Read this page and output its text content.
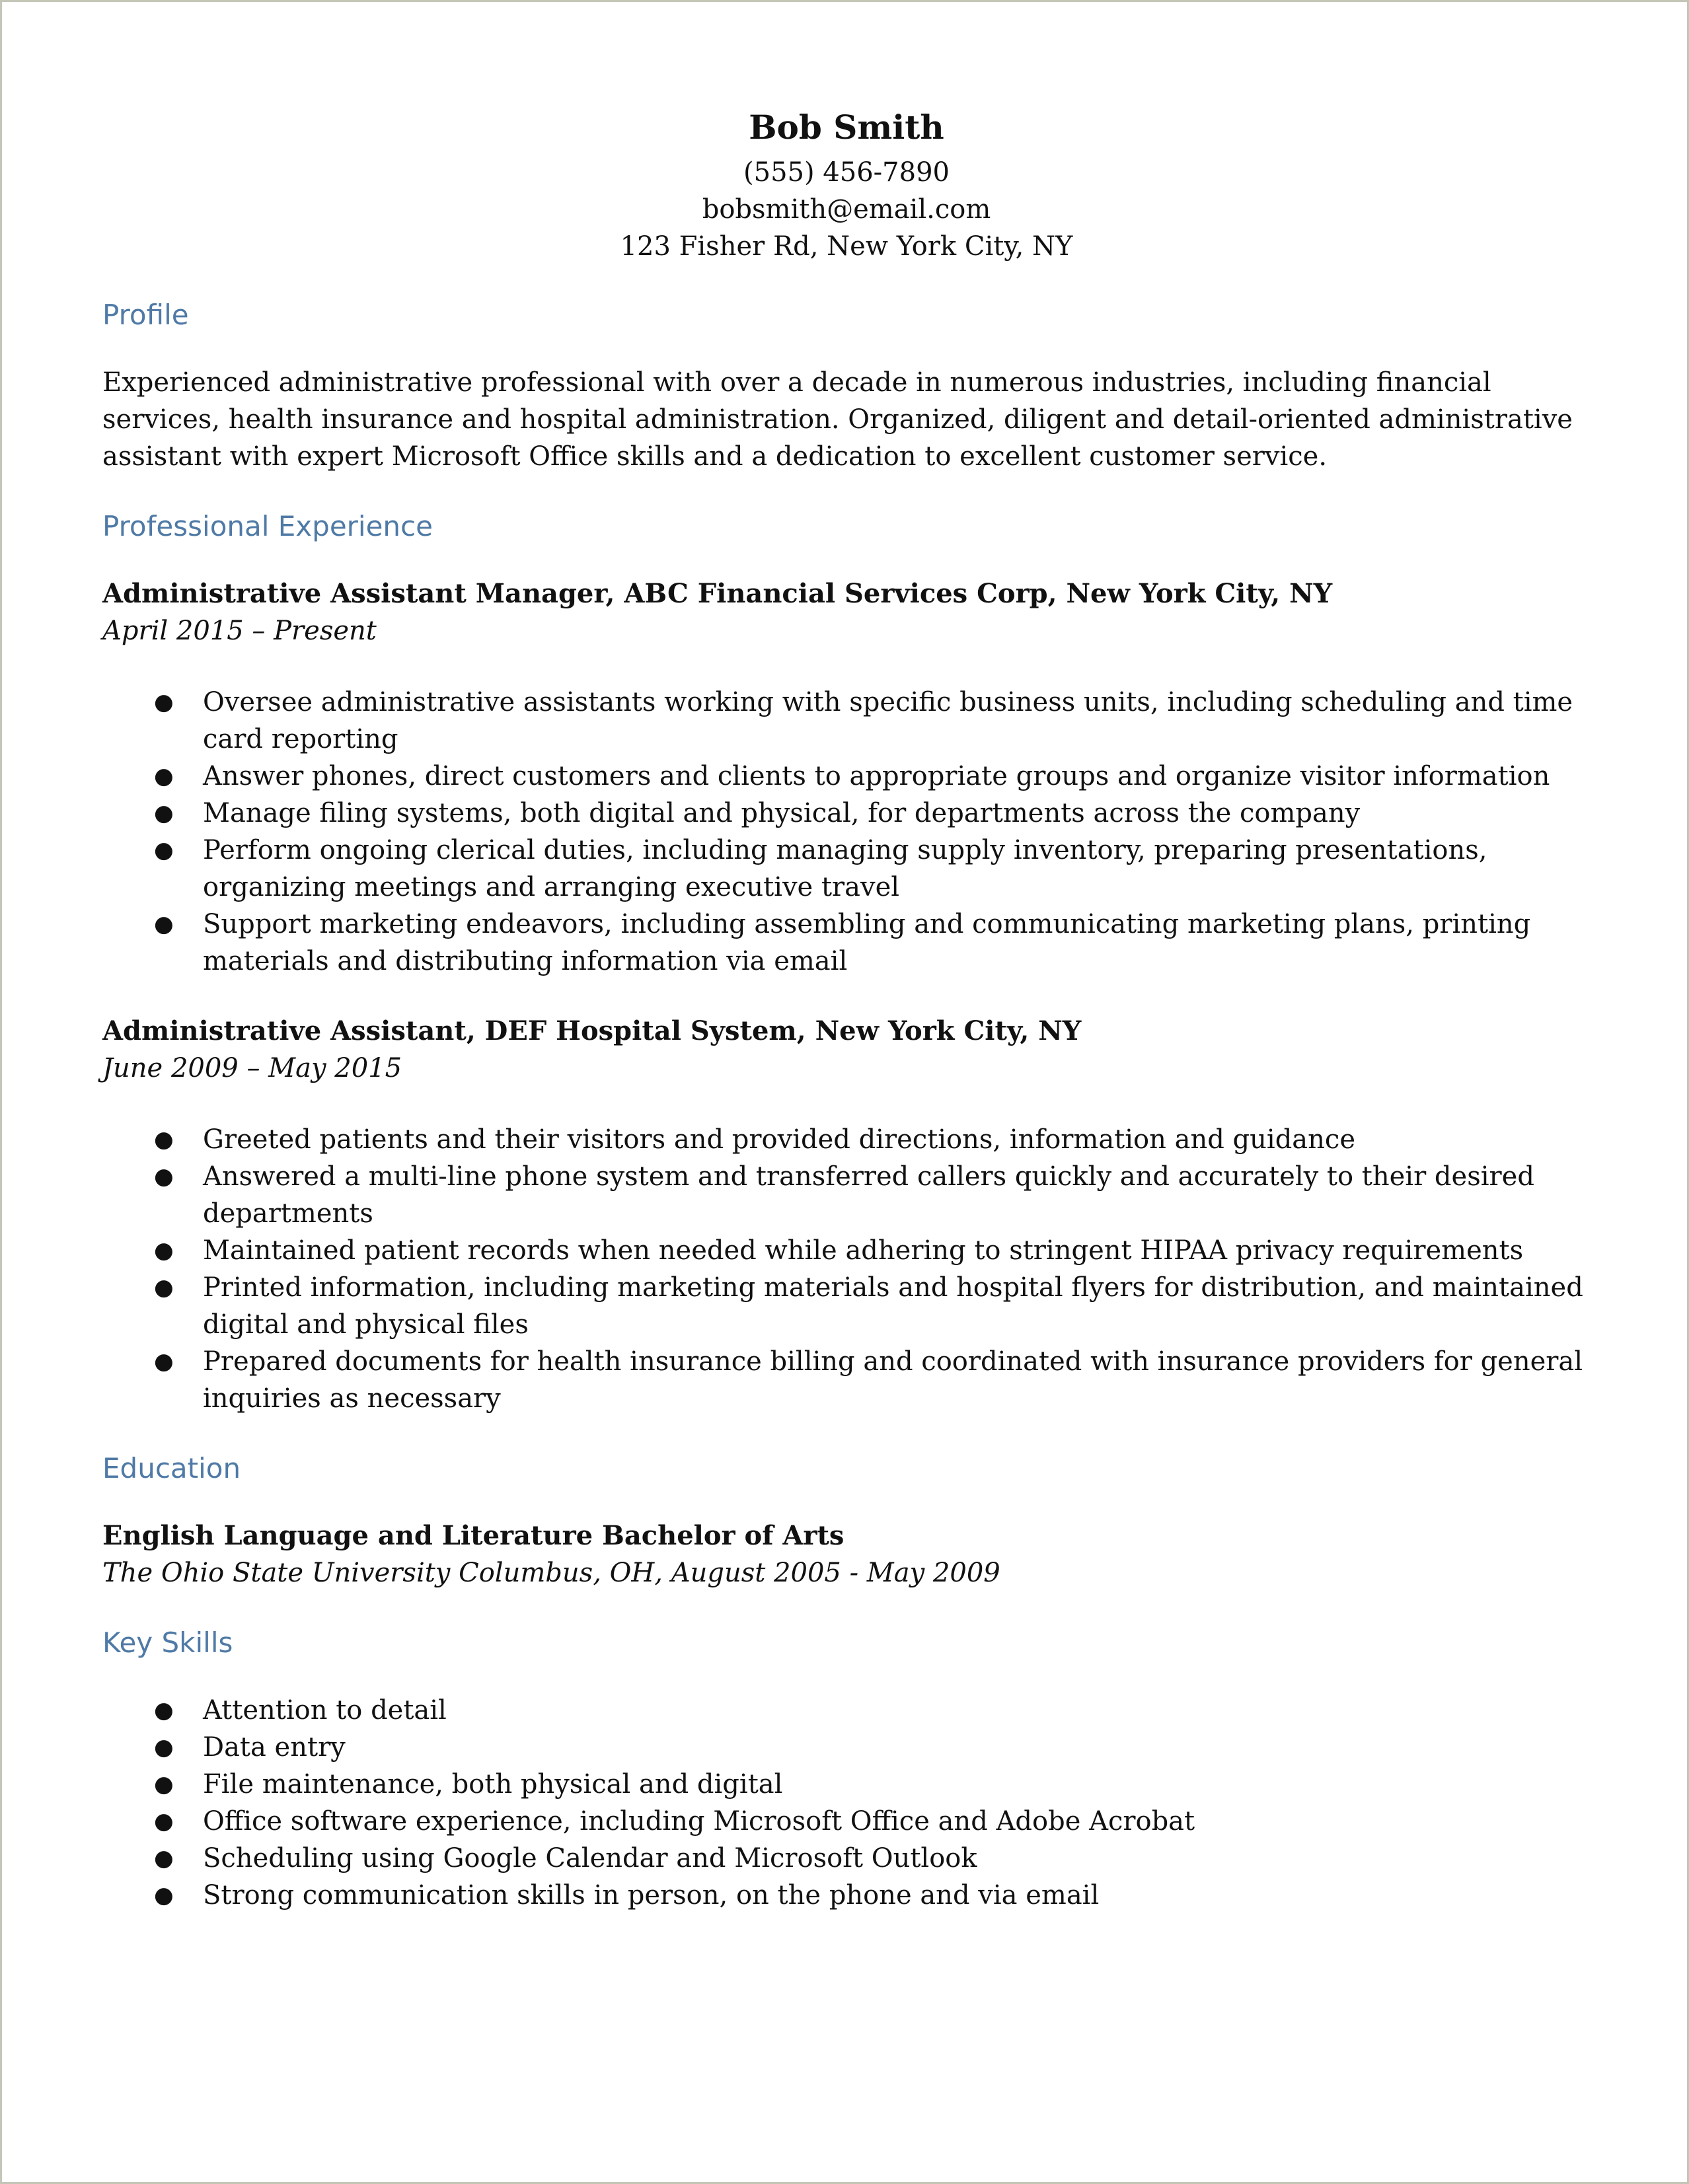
Bob Smith
(555) 456-7890
bobsmith@email.com
123 Fisher Rd, New York City, NY
Profile

Experienced administrative professional with over a decade in numerous industries, including financial services, health insurance and hospital administration. Organized, diligent and detail-oriented administrative assistant with expert Microsoft Office skills and a dedication to excellent customer service.

Professional Experience
Administrative Assistant Manager, ABC Financial Services Corp, New York City, NY
April 2015 – Present
● Oversee administrative assistants working with specific business units, including scheduling and time card reporting
● Answer phones, direct customers and clients to appropriate groups and organize visitor information
● Manage filing systems, both digital and physical, for departments across the company
● Perform ongoing clerical duties, including managing supply inventory, preparing presentations, organizing meetings and arranging executive travel
● Support marketing endeavors, including assembling and communicating marketing plans, printing materials and distributing information via email
Administrative Assistant, DEF Hospital System, New York City, NY
June 2009 – May 2015
● Greeted patients and their visitors and provided directions, information and guidance
● Answered a multi-line phone system and transferred callers quickly and accurately to their desired departments
● Maintained patient records when needed while adhering to stringent HIPAA privacy requirements
● Printed information, including marketing materials and hospital flyers for distribution, and maintained digital and physical files
● Prepared documents for health insurance billing and coordinated with insurance providers for general inquiries as necessary
Education
English Language and Literature Bachelor of Arts
The Ohio State University Columbus, OH, August 2005 - May 2009
Key Skills
● Attention to detail
● Data entry
● File maintenance, both physical and digital
● Office software experience, including Microsoft Office and Adobe Acrobat
● Scheduling using Google Calendar and Microsoft Outlook
● Strong communication skills in person, on the phone and via email
